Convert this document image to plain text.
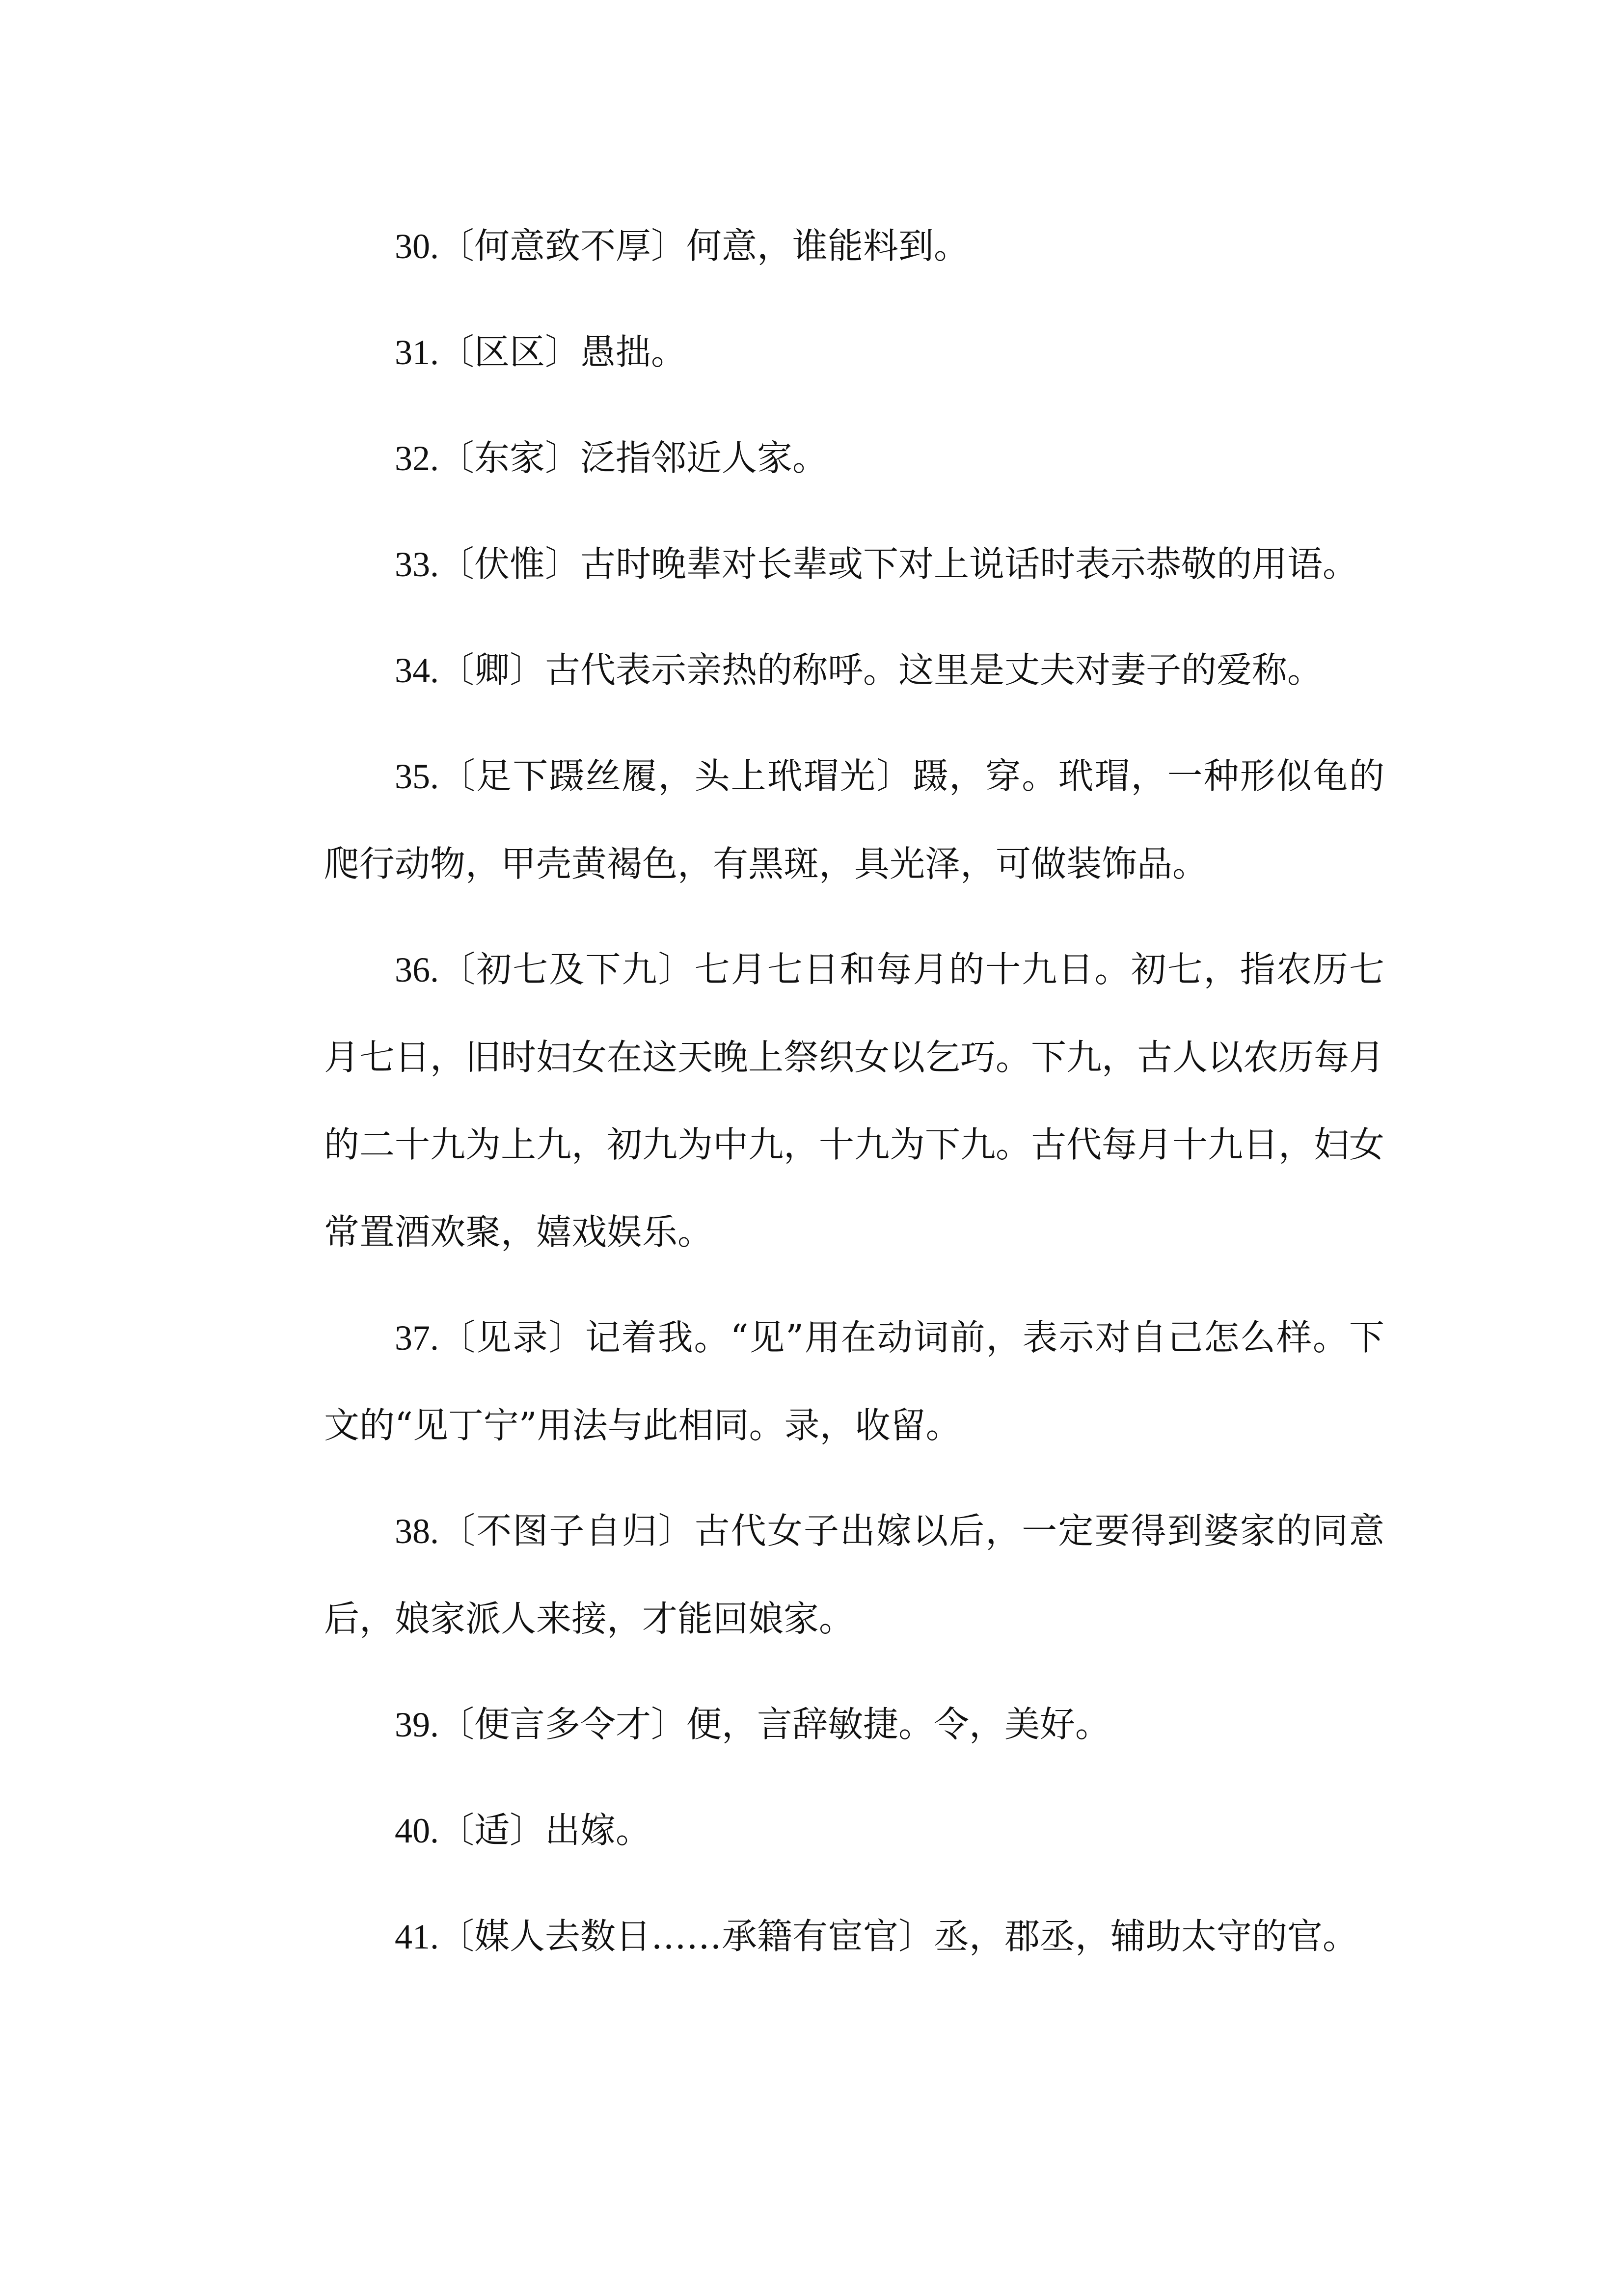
30.〔何意致不厚〕何意，谁能料到。
31.〔区区〕愚拙。
32.〔东家〕泛指邻近人家。
33.〔伏惟〕古时晚辈对长辈或下对上说话时表示恭敬的用语。
34.〔卿〕古代表示亲热的称呼。这里是丈夫对妻子的爱称。
35.〔足下蹑丝履，头上玳瑁光〕蹑，穿。玳瑁，一种形似龟的爬行动物，甲壳黄褐色，有黑斑，具光泽，可做装饰品。
36.〔初七及下九〕七月七日和每月的十九日。初七，指农历七月七日，旧时妇女在这天晚上祭织女以乞巧。下九，古人以农历每月的二十九为上九，初九为中九，十九为下九。古代每月十九日，妇女常置酒欢聚，嬉戏娱乐。
37.〔见录〕记着我。“见”用在动词前，表示对自己怎么样。下文的“见丁宁”用法与此相同。录，收留。
38.〔不图子自归〕古代女子出嫁以后，一定要得到婆家的同意后，娘家派人来接，才能回娘家。
39.〔便言多令才〕便，言辞敏捷。令，美好。
40.〔适〕出嫁。
41.〔媒人去数日……承籍有宦官〕丞，郡丞，辅助太守的官。
